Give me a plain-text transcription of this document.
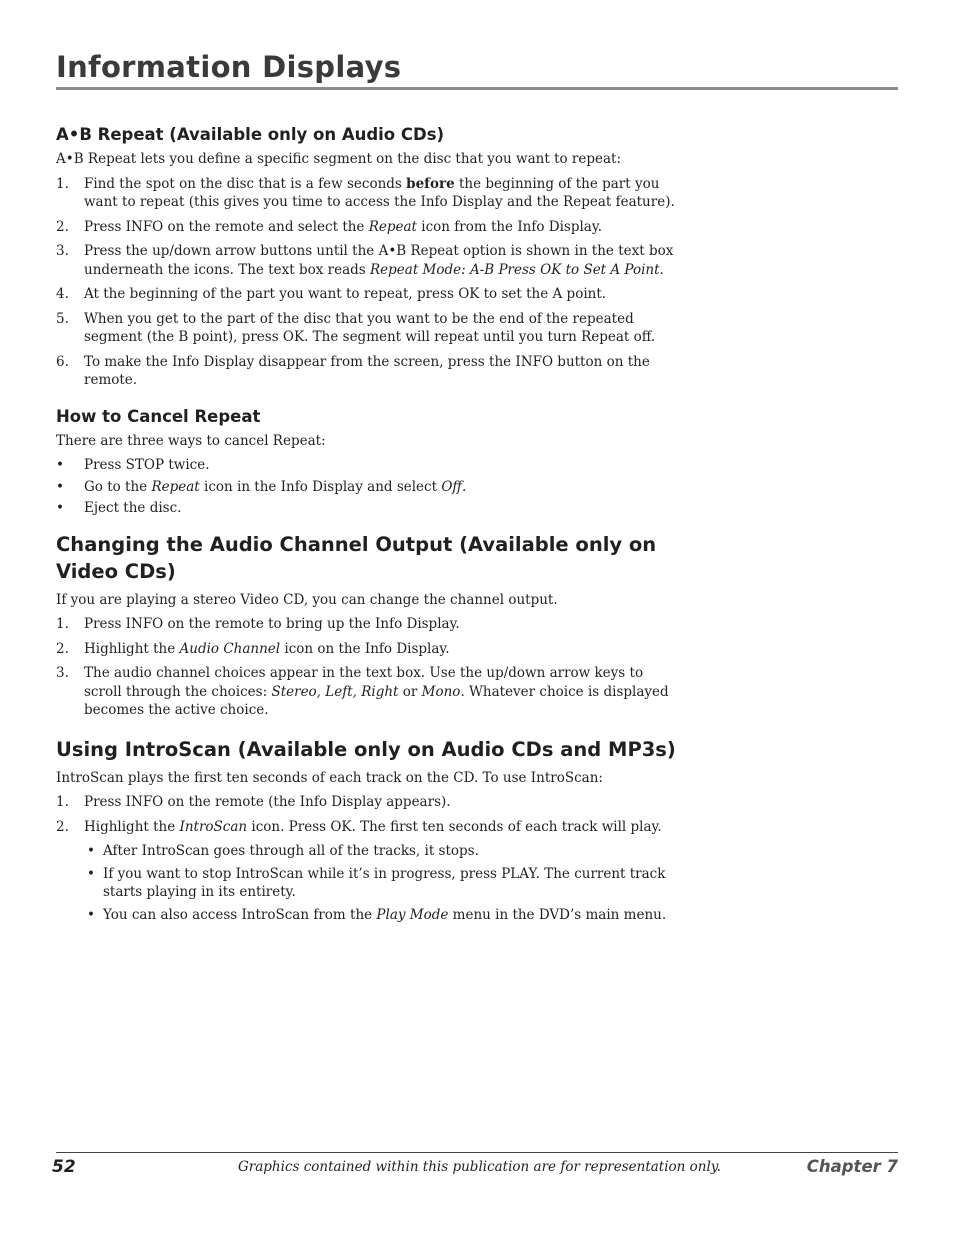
Information Displays
A•B Repeat (Available only on Audio CDs)

A•B Repeat lets you define a specific segment on the disc that you want to repeat:

1.	Find the spot on the disc that is a few seconds before the beginning of the part you want to repeat (this gives you time to access the Info Display and the Repeat feature).
2.	Press INFO on the remote and select the Repeat icon from the Info Display.
3.	Press the up/down arrow buttons until the A•B Repeat option is shown in the text box underneath the icons. The text box reads Repeat Mode: A-B Press OK to Set A Point.
4.	At the beginning of the part you want to repeat, press OK to set the A point.
5.	When you get to the part of the disc that you want to be the end of the repeated segment (the B point), press OK. The segment will repeat until you turn Repeat off.
6.	To make the Info Display disappear from the screen, press the INFO button on the remote.
How to Cancel Repeat

There are three ways to cancel Repeat:

•	Press STOP twice.
•	Go to the Repeat icon in the Info Display and select Off.
•	Eject the disc.
Changing the Audio Channel Output (Available only on Video CDs)

If you are playing a stereo Video CD, you can change the channel output.

1.	Press INFO on the remote to bring up the Info Display.
2.	Highlight the Audio Channel icon on the Info Display.
3.	The audio channel choices appear in the text box. Use the up/down arrow keys to scroll through the choices: Stereo, Left, Right or Mono. Whatever choice is displayed becomes the active choice.
Using IntroScan (Available only on Audio CDs and MP3s)

IntroScan plays the first ten seconds of each track on the CD. To use IntroScan:

1.	Press INFO on the remote (the Info Display appears).
2.	Highlight the IntroScan icon. Press OK. The first ten seconds of each track will play.
• After IntroScan goes through all of the tracks, it stops.
• If you want to stop IntroScan while it’s in progress, press PLAY. The current track starts playing in its entirety.
• You can also access IntroScan from the Play Mode menu in the DVD’s main menu.
52	Graphics contained within this publication are for representation only.	Chapter 7
